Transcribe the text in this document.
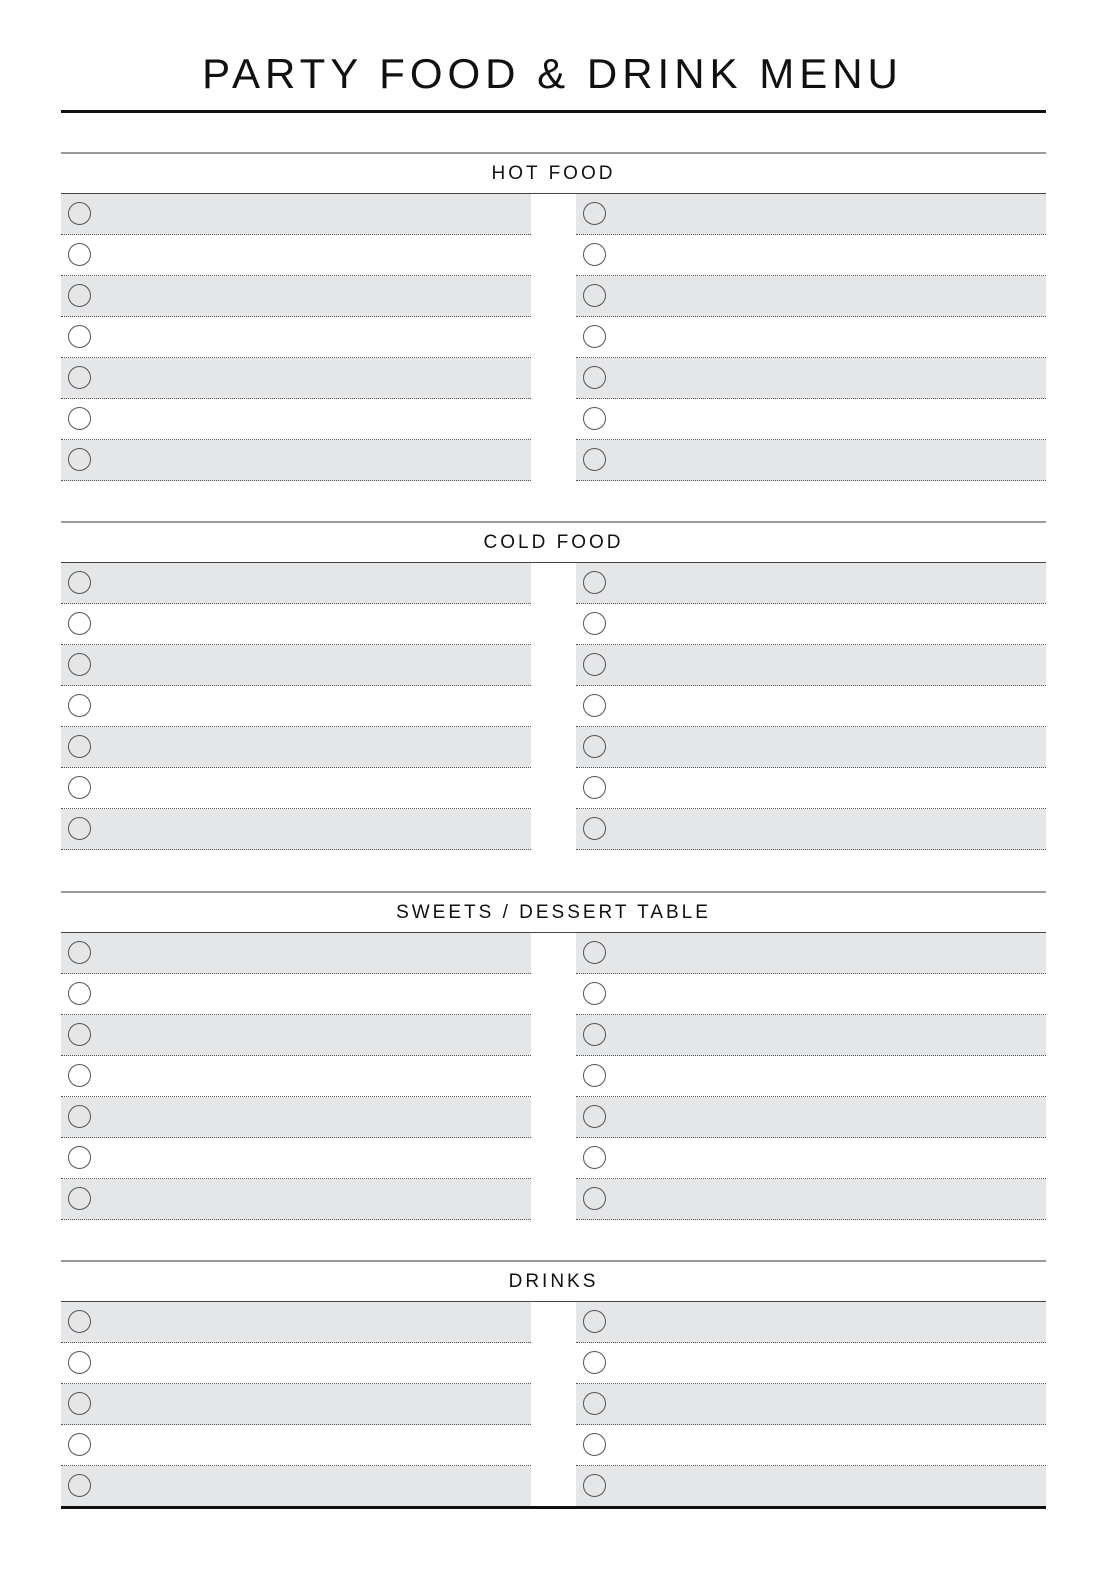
PARTY FOOD & DRINK MENU
HOT FOOD
COLD FOOD
SWEETS / DESSERT TABLE
DRINKS
